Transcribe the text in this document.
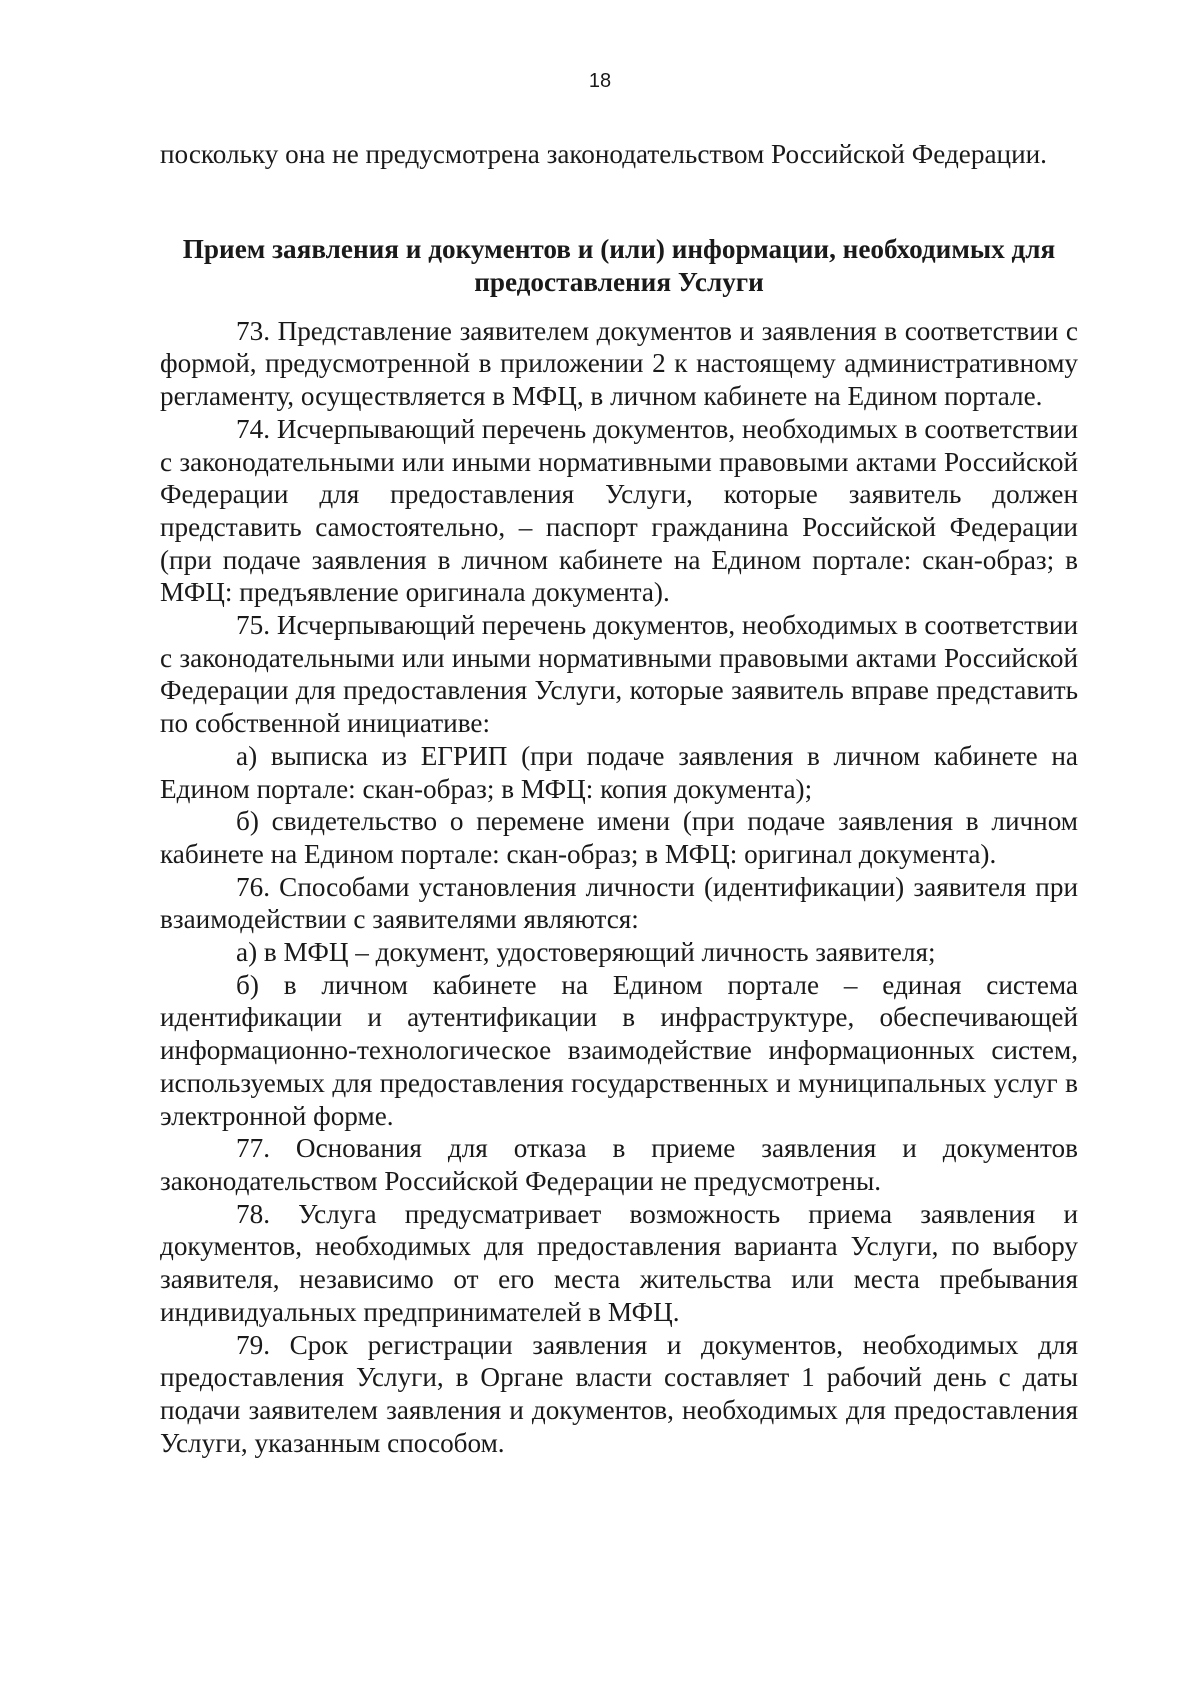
18

поскольку она не предусмотрена законодательством Российской Федерации.

Прием заявления и документов и (или) информации, необходимых для предоставления Услуги

73. Представление заявителем документов и заявления в соответствии с формой, предусмотренной в приложении 2 к настоящему административному регламенту, осуществляется в МФЦ, в личном кабинете на Едином портале.

74. Исчерпывающий перечень документов, необходимых в соответствии с законодательными или иными нормативными правовыми актами Российской Федерации для предоставления Услуги, которые заявитель должен представить самостоятельно, – паспорт гражданина Российской Федерации (при подаче заявления в личном кабинете на Едином портале: скан-образ; в МФЦ: предъявление оригинала документа).

75. Исчерпывающий перечень документов, необходимых в соответствии с законодательными или иными нормативными правовыми актами Российской Федерации для предоставления Услуги, которые заявитель вправе представить по собственной инициативе:

а) выписка из ЕГРИП (при подаче заявления в личном кабинете на Едином портале: скан-образ; в МФЦ: копия документа);

б) свидетельство о перемене имени (при подаче заявления в личном кабинете на Едином портале: скан-образ; в МФЦ: оригинал документа).

76. Способами установления личности (идентификации) заявителя при взаимодействии с заявителями являются:

а) в МФЦ – документ, удостоверяющий личность заявителя;

б) в личном кабинете на Едином портале – единая система идентификации и аутентификации в инфраструктуре, обеспечивающей информационно-технологическое взаимодействие информационных систем, используемых для предоставления государственных и муниципальных услуг в электронной форме.

77. Основания для отказа в приеме заявления и документов законодательством Российской Федерации не предусмотрены.

78. Услуга предусматривает возможность приема заявления и документов, необходимых для предоставления варианта Услуги, по выбору заявителя, независимо от его места жительства или места пребывания индивидуальных предпринимателей в МФЦ.

79. Срок регистрации заявления и документов, необходимых для предоставления Услуги, в Органе власти составляет 1 рабочий день с даты подачи заявителем заявления и документов, необходимых для предоставления Услуги, указанным способом.
